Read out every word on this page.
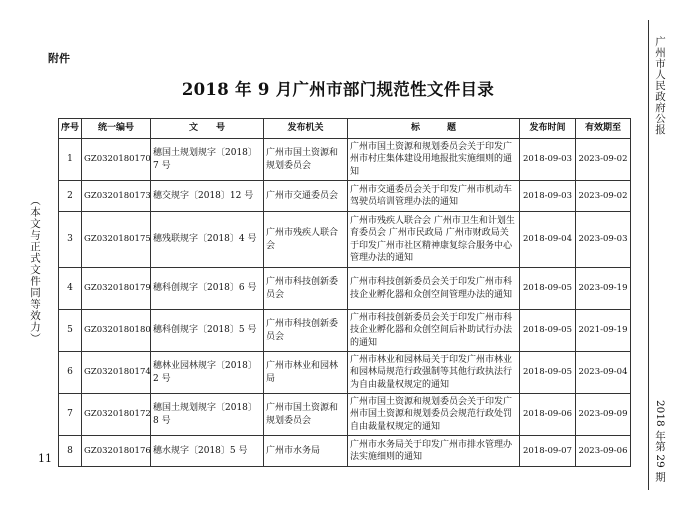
附件
2018 年 9 月广州市部门规范性文件目录
（本文与正式文件同等效力）
11
广州市人民政府公报
2018 年第 29 期
序号	统一编号	文　　号	发布机关	标　　　题	发布时间	有效期至
1	GZ0320180170	穗国土规划规字〔2018〕7 号	广州市国土资源和规划委员会	广州市国土资源和规划委员会关于印发广州市村庄集体建设用地报批实施细则的通知	2018-09-03	2023-09-02
2	GZ0320180173	穗交规字〔2018〕12 号	广州市交通委员会	广州市交通委员会关于印发广州市机动车驾驶员培训管理办法的通知	2018-09-03	2023-09-02
3	GZ0320180175	穗残联规字〔2018〕4 号	广州市残疾人联合会	广州市残疾人联合会 广州市卫生和计划生育委员会 广州市民政局 广州市财政局关于印发广州市社区精神康复综合服务中心管理办法的通知	2018-09-04	2023-09-03
4	GZ0320180179	穗科创规字〔2018〕6 号	广州市科技创新委员会	广州市科技创新委员会关于印发广州市科技企业孵化器和众创空间管理办法的通知	2018-09-05	2023-09-19
5	GZ0320180180	穗科创规字〔2018〕5 号	广州市科技创新委员会	广州市科技创新委员会关于印发广州市科技企业孵化器和众创空间后补助试行办法的通知	2018-09-05	2021-09-19
6	GZ0320180174	穗林业园林规字〔2018〕2 号	广州市林业和园林局	广州市林业和园林局关于印发广州市林业和园林局规范行政强制等其他行政执法行为自由裁量权规定的通知	2018-09-05	2023-09-04
7	GZ0320180172	穗国土规划规字〔2018〕8 号	广州市国土资源和规划委员会	广州市国土资源和规划委员会关于印发广州市国土资源和规划委员会规范行政处罚自由裁量权规定的通知	2018-09-06	2023-09-09
8	GZ0320180176	穗水规字〔2018〕5 号	广州市水务局	广州市水务局关于印发广州市排水管理办法实施细则的通知	2018-09-07	2023-09-06
